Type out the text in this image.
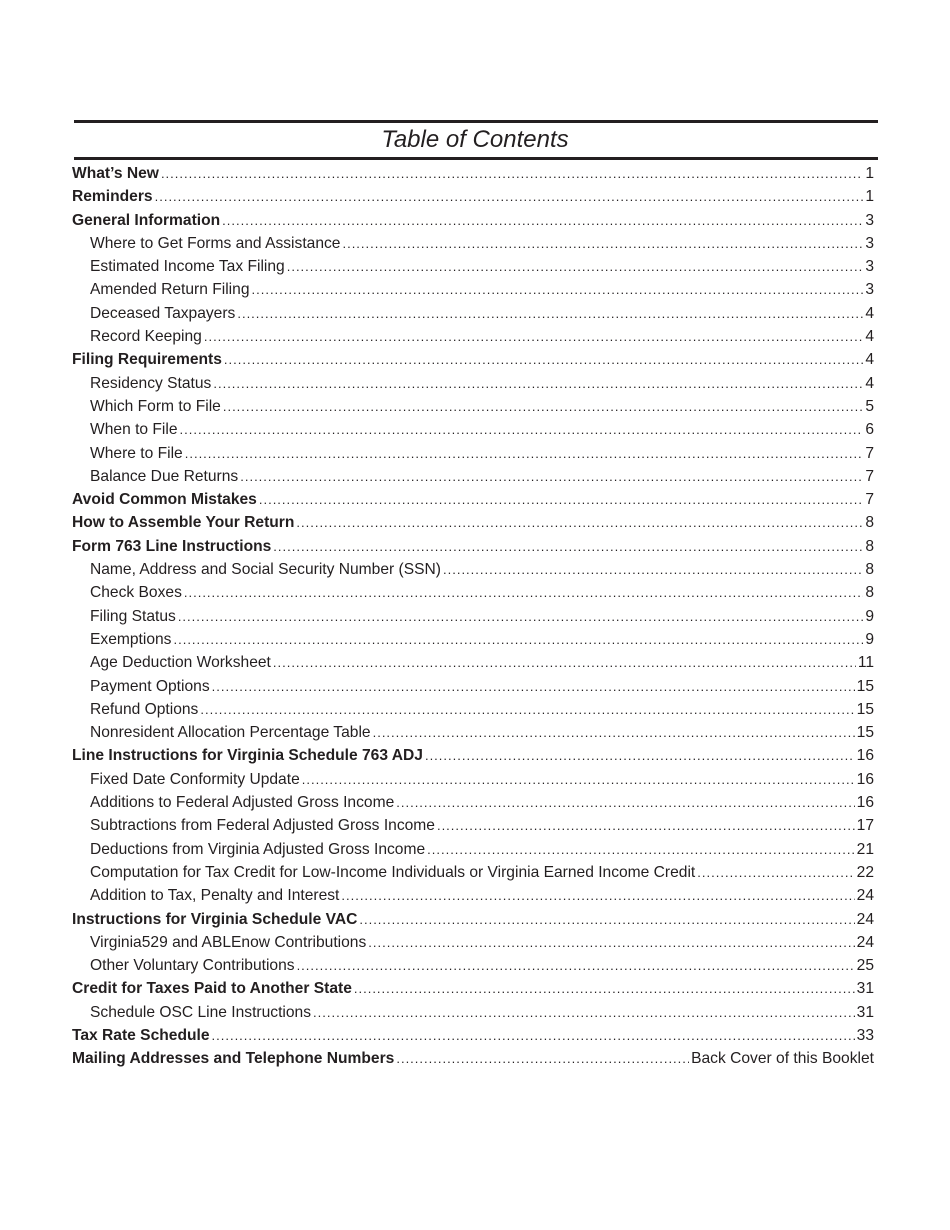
Table of Contents
What’s New .....	1
Reminders .....	1
General Information .....	3
Where to Get Forms and Assistance .....	3
Estimated Income Tax Filing .....	3
Amended Return Filing .....	3
Deceased Taxpayers .....	4
Record Keeping .....	4
Filing Requirements .....	4
Residency Status .....	4
Which Form to File .....	5
When to File .....	6
Where to File .....	7
Balance Due Returns .....	7
Avoid Common Mistakes .....	7
How to Assemble Your Return .....	8
Form 763 Line Instructions .....	8
Name, Address and Social Security Number (SSN) .....	8
Check Boxes .....	8
Filing Status .....	9
Exemptions .....	9
Age Deduction Worksheet .....	11
Payment Options .....	15
Refund Options .....	15
Nonresident Allocation Percentage Table .....	15
Line Instructions for Virginia Schedule 763 ADJ .....	16
Fixed Date Conformity Update .....	16
Additions to Federal Adjusted Gross Income .....	16
Subtractions from Federal Adjusted Gross Income .....	17
Deductions from Virginia Adjusted Gross Income .....	21
Computation for Tax Credit for Low-Income Individuals or Virginia Earned Income Credit .....	22
Addition to Tax, Penalty and Interest .....	24
Instructions for Virginia Schedule VAC .....	24
Virginia529 and ABLEnow Contributions .....	24
Other Voluntary Contributions .....	25
Credit for Taxes Paid to Another State .....	31
Schedule OSC Line Instructions .....	31
Tax Rate Schedule .....	33
Mailing Addresses and Telephone Numbers .....	Back Cover of this Booklet
